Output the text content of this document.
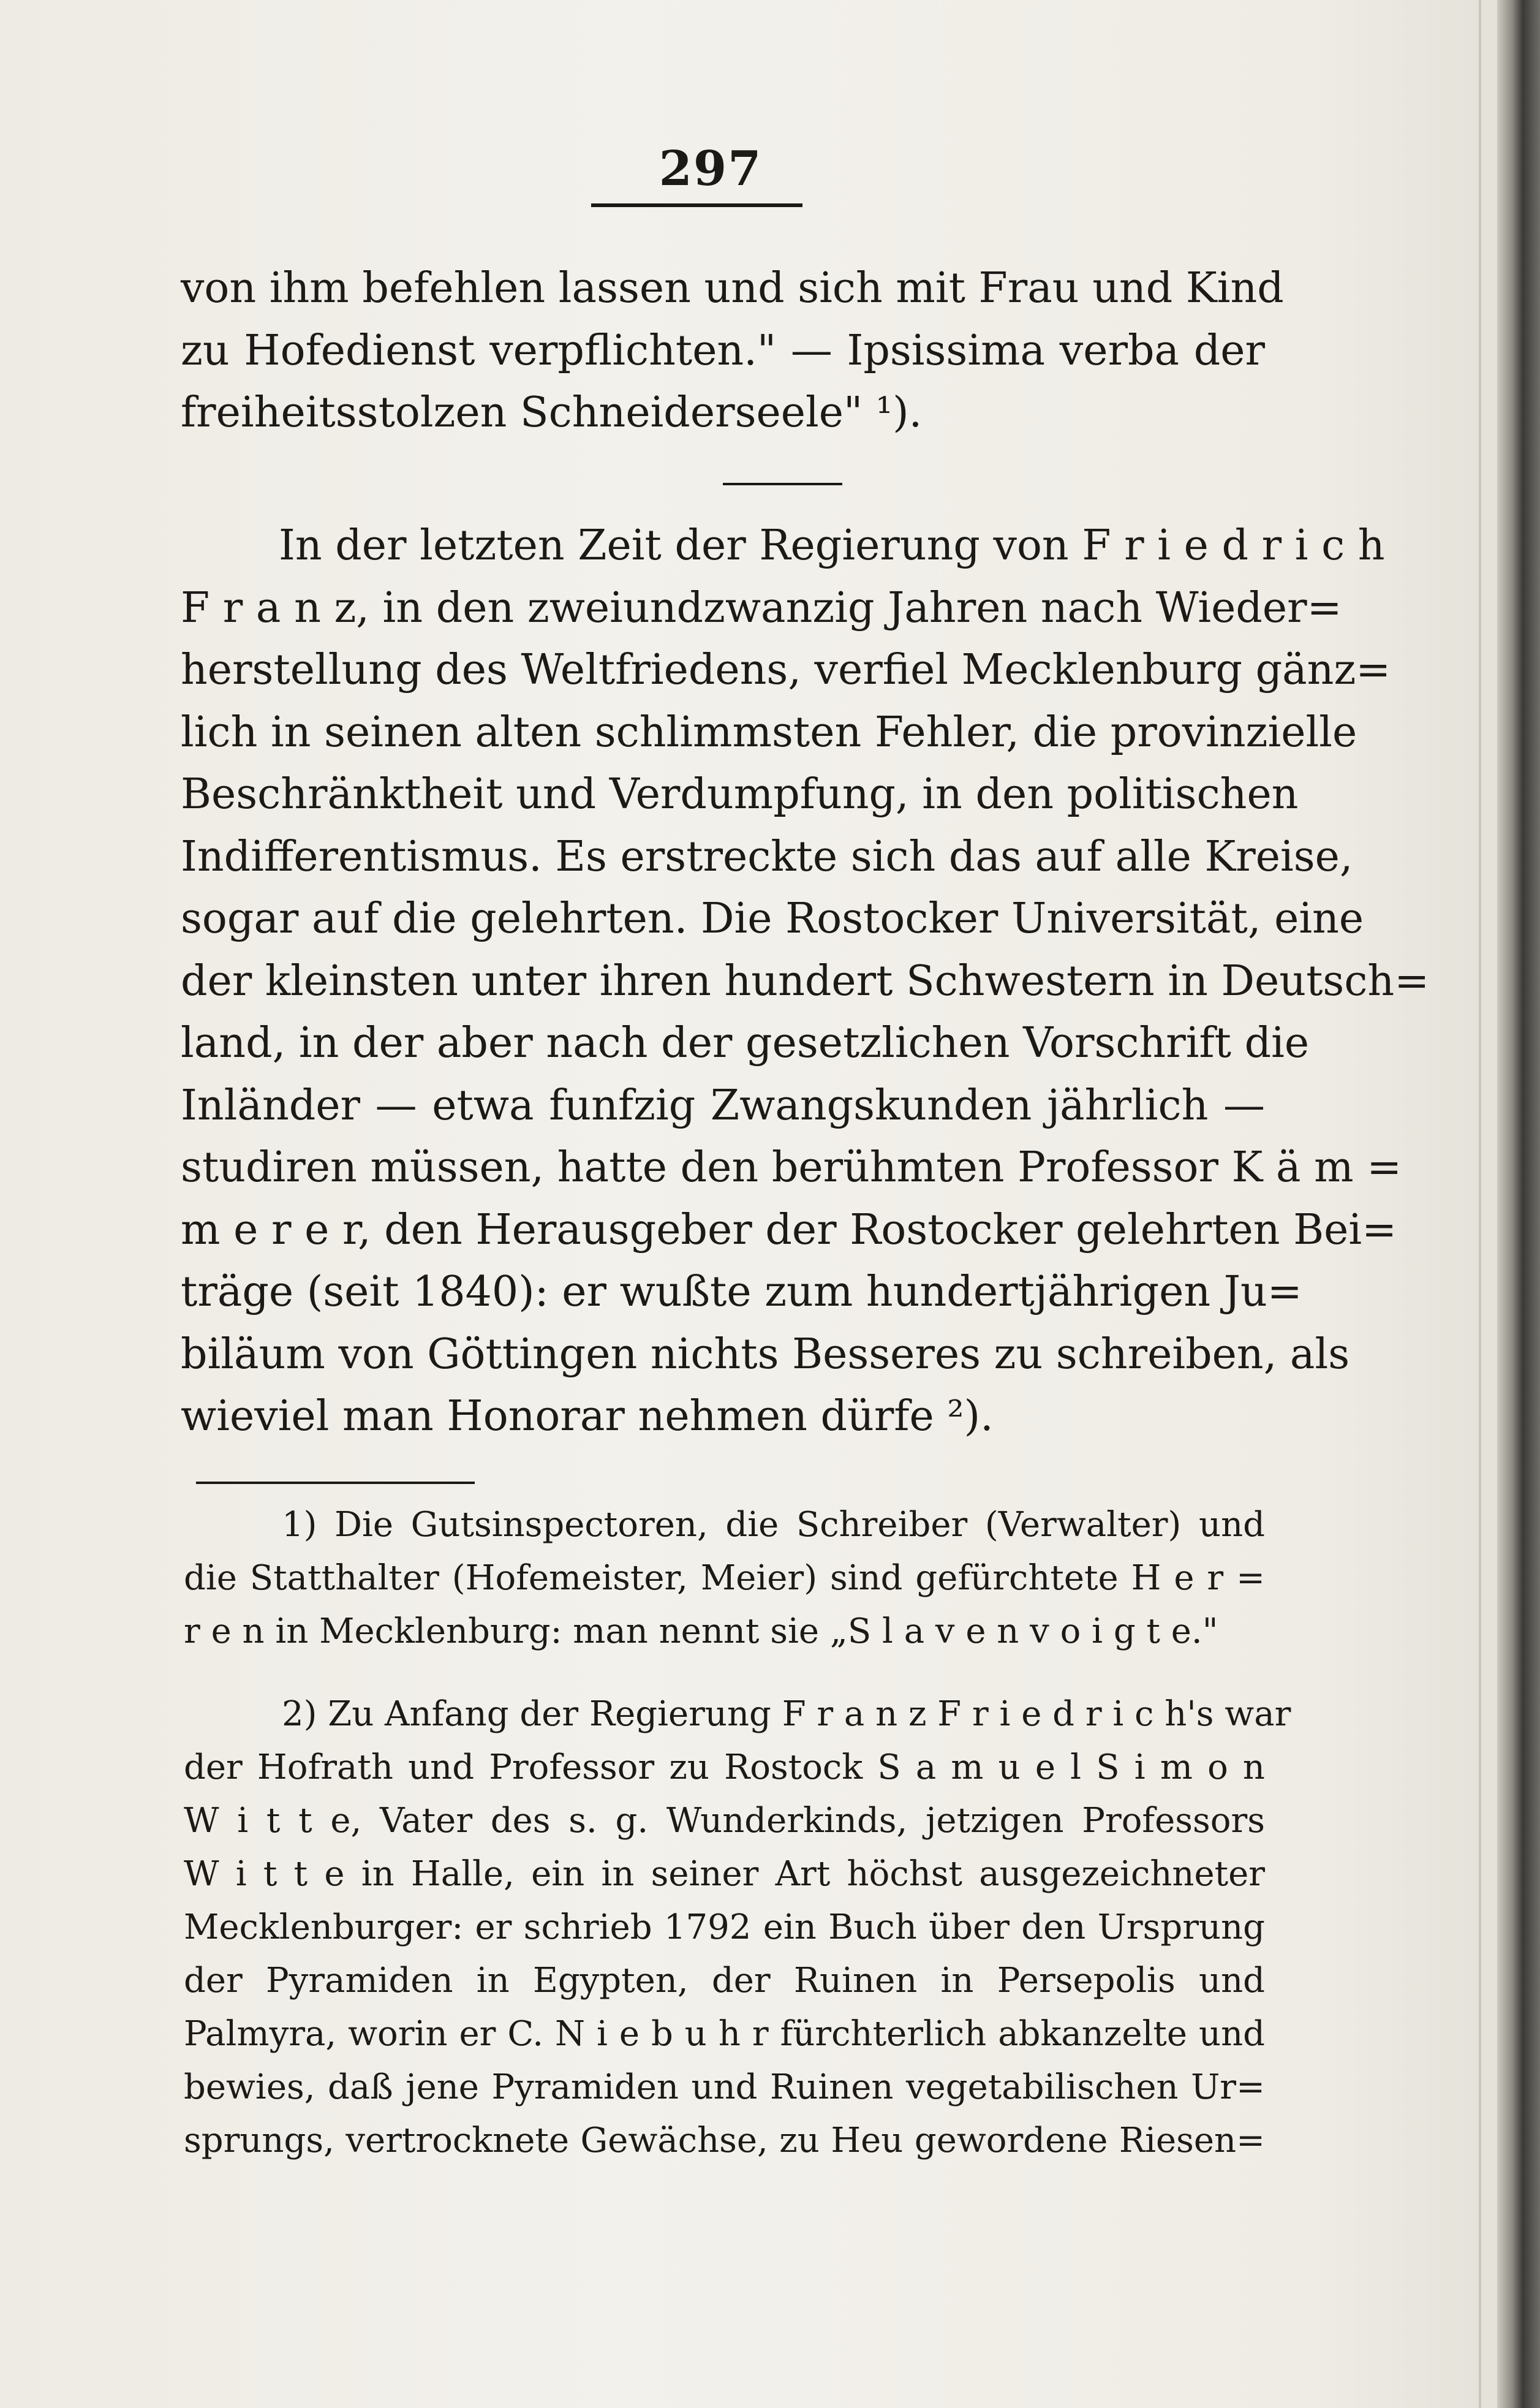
297
von ihm befehlen lassen und sich mit Frau und Kind
zu Hofedienst verpflichten." — Ipsissima verba der
freiheitsstolzen Schneiderseele" ¹).
In der letzten Zeit der Regierung von F r i e d r i c h
F r a n z, in den zweiundzwanzig Jahren nach Wieder=
herstellung des Weltfriedens, verfiel Mecklenburg gänz=
lich in seinen alten schlimmsten Fehler, die provinzielle
Beschränktheit und Verdumpfung, in den politischen
Indifferentismus. Es erstreckte sich das auf alle Kreise,
sogar auf die gelehrten. Die Rostocker Universität, eine
der kleinsten unter ihren hundert Schwestern in Deutsch=
land, in der aber nach der gesetzlichen Vorschrift die
Inländer — etwa funfzig Zwangskunden jährlich —
studiren müssen, hatte den berühmten Professor K ä m =
m e r e r, den Herausgeber der Rostocker gelehrten Bei=
träge (seit 1840): er wußte zum hundertjährigen Ju=
biläum von Göttingen nichts Besseres zu schreiben, als
wieviel man Honorar nehmen dürfe ²).
1) Die Gutsinspectoren, die Schreiber (Verwalter) und
die Statthalter (Hofemeister, Meier) sind gefürchtete H e r =
r e n in Mecklenburg: man nennt sie „S l a v e n v o i g t e."
2) Zu Anfang der Regierung F r a n z F r i e d r i c h's war
der Hofrath und Professor zu Rostock S a m u e l S i m o n
W i t t e, Vater des s. g. Wunderkinds, jetzigen Professors
W i t t e in Halle, ein in seiner Art höchst ausgezeichneter
Mecklenburger: er schrieb 1792 ein Buch über den Ursprung
der Pyramiden in Egypten, der Ruinen in Persepolis und
Palmyra, worin er C. N i e b u h r fürchterlich abkanzelte und
bewies, daß jene Pyramiden und Ruinen vegetabilischen Ur=
sprungs, vertrocknete Gewächse, zu Heu gewordene Riesen=
